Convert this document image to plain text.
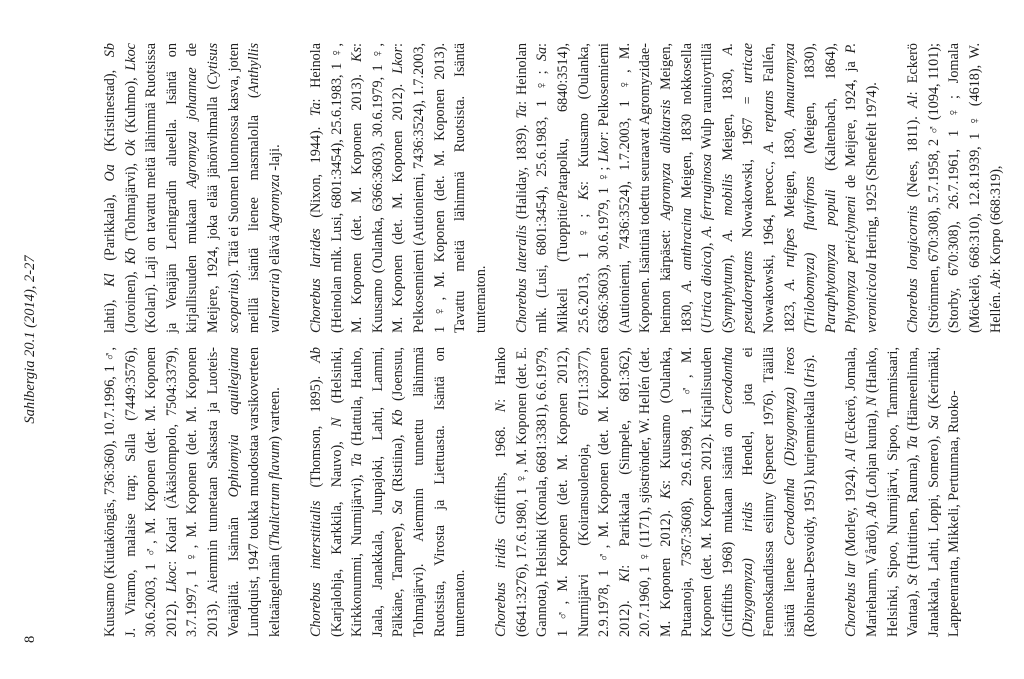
8
Sahlbergia 20.1 (2014), 2-27

Kuusamo (Kiutaköngäs, 736:360), 10.7.1996, 1 ♂, J. Viramo, malaise trap; Salla (7449:3576), 30.6.2003, 1 ♂, M. Koponen (det. M. Koponen 2012). Lkoc: Kolari (Äkäslompolo, 7504:3379), 3.7.1997, 1 ♀, M. Koponen (det. M. Koponen 2013). Aiemmin tunnetaan Saksasta ja Luoteis-Venäjältä. Isännän Ophiomyia aquilegiana Lundquist, 1947 toukka muodostaa varsikoverteen keltaängelmän (Thalictrum flavum) varteen.

Chorebus interstitialis (Thomson, 1895). Ab (Karjalohja, Karkkila, Nauvo), N (Helsinki, Kirkkonummi, Nurmijärvi), Ta (Hattula, Hauho, Jaala, Janakkala, Juupajoki, Lahti, Lammi, Pälkäne, Tampere), Sa (Ristiina), Kb (Joensuu, Tohmajärvi). Aiemmin tunnettu lähimmä Ruotsista, Virosta ja Liettuasta. Isäntä on tuntematon. Chorebus iridis Griffiths, 1968. N: Hanko (6641:3276), 17.6.1980, 1 ♀, M. Koponen (det. E. Gannota), Helsinki (Konala, 6681:3381), 6.6.1979, 1 ♂, M. Koponen (det. M. Koponen 2012), Nurmijärvi (Koiransuolenoja, 6711:3377), 2.9.1978, 1 ♂, M. Koponen (det. M. Koponen 2012). Kl: Parikkala (Simpele, 681:362), 20.7.1960, 1 ♀ (1171), sjöströnder, W. Hellén (det. M. Koponen 2012). Ks: Kuusamo (Oulanka, Putaanoja, 7367:3608), 29.6.1998, 1 ♂, M. Koponen (det. M. Koponen 2012). Kirjallisuuden (Griffiths 1968) mukaan isäntä on Cerodontha (Dizygomyza) iridis Hendel, jota ei Fennoskandiassa esiinny (Spencer 1976). Täällä isäntä lienee Cerodontha (Dizygomyza) ireos (Robineau-Desvoidy, 1951) kurjenmiekalla (Iris).

Chorebus lar (Morley, 1924). Al (Eckerö, Jomala, Mariehamn, Vårdö), Ab (Lohjan kunta), N (Hanko, Helsinki, Sipoo, Nurmijärvi, Sipoo, Tammisaari, Vantaa), St (Huittinen, Rauma), Ta (Hämeenlinna, Janakkala, Lahti, Loppi, Somero), Sa (Kerimäki, Lappeenranta, Mikkeli, Pertunmaa, Ruoko-

lahti), Kl (Parikkala), Oa (Kristinestad), Sb (Joroinen), Kb (Tohmajärvi), Ok (Kuhmo), Lkoc (Kolari). Laji on tavattu meitä lähimmä Ruotsissa ja Venäjän Leningradin alueella. Isäntä on kirjallisuuden mukaan Agromyza johannae de Meijere, 1924, joka elää jänönvihmalla (Cytisus scoparius). Tätä ei Suomen luonnossa kasva, joten meillä isäntä lienee masmalolla (Anthyllis valneraria) elävä Agromyza -laji.

Chorebus larides (Nixon, 1944). Ta: Heinola (Heinolan mlk. Lusi, 6801:3454), 25.6.1983, 1 ♀, M. Koponen (det. M. Koponen 2013). Ks: Kuusamo (Oulanka, 6366:3603), 30.6.1979, 1 ♀, M. Koponen (det. M. Koponen 2012). Lkor: Pelkosenniemi (Autioniemi, 7436:3524), 1.7.2003, 1 ♀, M. Koponen (det. M. Koponen 2013). Tavattu meitä lähimmä Ruotsista. Isäntä tuntematon. Chorebus lateralis (Haliday, 1839). Ta: Heinolan mlk. (Lusi, 6801:3454), 25.6.1983, 1 ♀; Sa: Mikkeli (Tuoppitie/Patapolku, 6840:3514), 25.6.2013, 1 ♀; Ks: Kuusamo (Oulanka, 6366:3603), 30.6.1979, 1 ♀; Lkor: Pelkosenniemi (Autioniemi, 7436:3524), 1.7.2003, 1 ♀, M. Koponen. Isäntinä todettu seuraavat Agromyzidae-heimon kärpäset: Agromyza albitarsis Meigen, 1830, A. anthracina Meigen, 1830 nokkosella (Urtica dioica), A. ferruginosa Wulp raunioyrtillä (Symphytum), A. mobilis Meigen, 1830, A. pseudoreptans Nowakowski, 1967 = urticae Nowakowski, 1964, preocc., A. reptans Fallén, 1823, A. rufipes Meigen, 1830, Amauromyza (Trilobomyza) flavifrons (Meigen, 1830), Paraphytomyza populi (Kaltenbach, 1864), Phytomyza periclymeni de Meijere, 1924, ja P. veronicicola Hering, 1925 (Shenefelt 1974).

Chorebus longicornis (Nees, 1811). Al: Eckerö (Strömmen, 670:308), 5.7.1958, 2 ♂ (1094, 1101); (Storby, 670:308), 26.7.1961, 1 ♀; Jomala (Möckelö, 668:310), 12.8.1939, 1 ♀ (4618), W. Hellén. Ab: Korpo (668:319),
